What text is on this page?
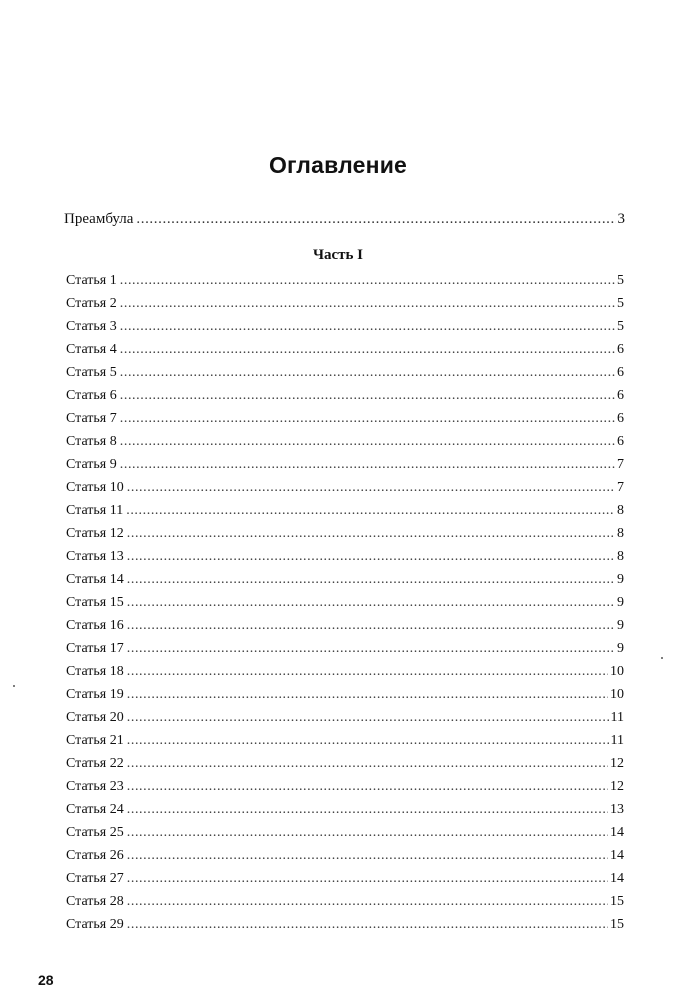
Оглавление
Преамбула .....	3
Часть I
Статья 1 .....	5
Статья 2 .....	5
Статья 3 .....	5
Статья 4 .....	6
Статья 5 .....	6
Статья 6 .....	6
Статья 7 .....	6
Статья 8 .....	6
Статья 9 .....	7
Статья 10 .....	7
Статья 11 .....	8
Статья 12 .....	8
Статья 13 .....	8
Статья 14 .....	9
Статья 15 .....	9
Статья 16 .....	9
Статья 17 .....	9
Статья 18 .....	10
Статья 19 .....	10
Статья 20 .....	11
Статья 21 .....	11
Статья 22 .....	12
Статья 23 .....	12
Статья 24 .....	13
Статья 25 .....	14
Статья 26 .....	14
Статья 27 .....	14
Статья 28 .....	15
Статья 29 .....	15
28
